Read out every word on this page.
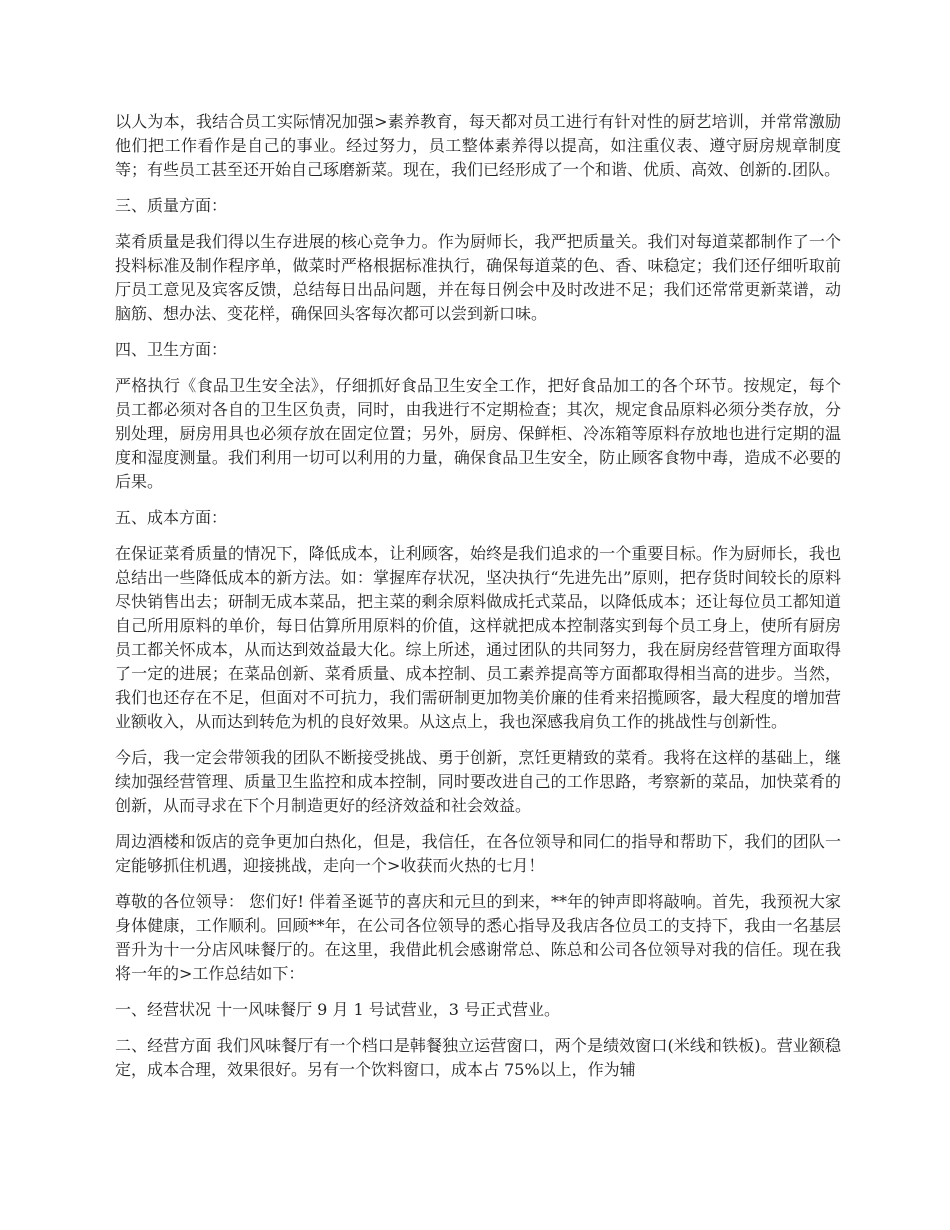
以人为本，我结合员工实际情况加强>素养教育，每天都对员工进行有针对性的厨艺培训，并常常激励他们把工作看作是自己的事业。经过努力，员工整体素养得以提高，如注重仪表、遵守厨房规章制度等；有些员工甚至还开始自己琢磨新菜。现在，我们已经形成了一个和谐、优质、高效、创新的.团队。

三、质量方面：

菜肴质量是我们得以生存进展的核心竞争力。作为厨师长，我严把质量关。我们对每道菜都制作了一个投料标准及制作程序单，做菜时严格根据标准执行，确保每道菜的色、香、味稳定；我们还仔细听取前厅员工意见及宾客反馈，总结每日出品问题，并在每日例会中及时改进不足；我们还常常更新菜谱，动脑筋、想办法、变花样，确保回头客每次都可以尝到新口味。

四、卫生方面：

严格执行《食品卫生安全法》，仔细抓好食品卫生安全工作，把好食品加工的各个环节。按规定，每个员工都必须对各自的卫生区负责，同时，由我进行不定期检查；其次，规定食品原料必须分类存放，分别处理，厨房用具也必须存放在固定位置；另外，厨房、保鲜柜、冷冻箱等原料存放地也进行定期的温度和湿度测量。我们利用一切可以利用的力量，确保食品卫生安全，防止顾客食物中毒，造成不必要的后果。

五、成本方面：

在保证菜肴质量的情况下，降低成本，让利顾客，始终是我们追求的一个重要目标。作为厨师长，我也总结出一些降低成本的新方法。如：掌握库存状况，坚决执行“先进先出”原则，把存货时间较长的原料尽快销售出去；研制无成本菜品，把主菜的剩余原料做成托式菜品，以降低成本；还让每位员工都知道自己所用原料的单价，每日估算所用原料的价值，这样就把成本控制落实到每个员工身上，使所有厨房员工都关怀成本，从而达到效益最大化。综上所述，通过团队的共同努力，我在厨房经营管理方面取得了一定的进展；在菜品创新、菜肴质量、成本控制、员工素养提高等方面都取得相当高的进步。当然，我们也还存在不足，但面对不可抗力，我们需研制更加物美价廉的佳肴来招揽顾客，最大程度的增加营业额收入，从而达到转危为机的良好效果。从这点上，我也深感我肩负工作的挑战性与创新性。

今后，我一定会带领我的团队不断接受挑战、勇于创新，烹饪更精致的菜肴。我将在这样的基础上，继续加强经营管理、质量卫生监控和成本控制，同时要改进自己的工作思路，考察新的菜品，加快菜肴的创新，从而寻求在下个月制造更好的经济效益和社会效益。

周边酒楼和饭店的竞争更加白热化，但是，我信任，在各位领导和同仁的指导和帮助下，我们的团队一定能够抓住机遇，迎接挑战，走向一个>收获而火热的七月！

尊敬的各位领导： 您们好! 伴着圣诞节的喜庆和元旦的到来，**年的钟声即将敲响。首先，我预祝大家身体健康，工作顺利。回顾**年，在公司各位领导的悉心指导及我店各位员工的支持下，我由一名基层晋升为十一分店风味餐厅的。在这里，我借此机会感谢常总、陈总和公司各位领导对我的信任。现在我将一年的>工作总结如下：

一、经营状况 十一风味餐厅 9 月 1 号试营业，3 号正式营业。

二、经营方面 我们风味餐厅有一个档口是韩餐独立运营窗口，两个是绩效窗口(米线和铁板)。营业额稳定，成本合理，效果很好。另有一个饮料窗口，成本占 75%以上，作为辅
